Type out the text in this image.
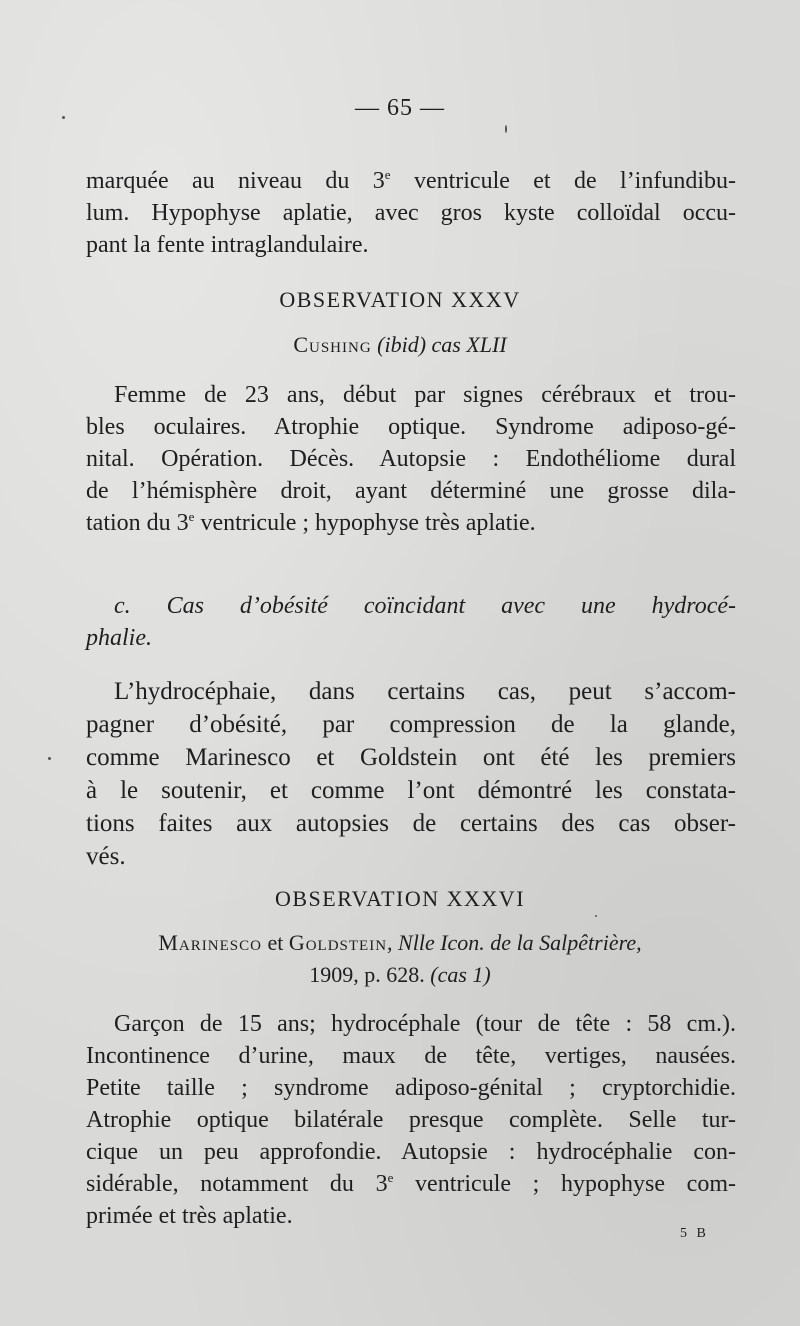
— 65 —
marquée au niveau du 3e ventricule et de l’infundibu-
lum. Hypophyse aplatie, avec gros kyste colloïdal occu-
pant la fente intraglandulaire.
OBSERVATION XXXV
Cushing (ibid) cas XLII
Femme de 23 ans, début par signes cérébraux et trou-
bles oculaires. Atrophie optique. Syndrome adiposo-gé-
nital. Opération. Décès. Autopsie : Endothéliome dural
de l’hémisphère droit, ayant déterminé une grosse dila-
tation du 3e ventricule ; hypophyse très aplatie.
c. Cas d’obésité coïncidant avec une hydrocé-
phalie.
L’hydrocéphaie, dans certains cas, peut s’accom-
pagner d’obésité, par compression de la glande,
comme Marinesco et Goldstein ont été les premiers
à le soutenir, et comme l’ont démontré les constata-
tions faites aux autopsies de certains des cas obser-
vés.
OBSERVATION XXXVI
Marinesco et Goldstein, Nlle Icon. de la Salpêtrière,
1909, p. 628. (cas 1)
Garçon de 15 ans; hydrocéphale (tour de tête : 58 cm.).
Incontinence d’urine, maux de tête, vertiges, nausées.
Petite taille ; syndrome adiposo-génital ; cryptorchidie.
Atrophie optique bilatérale presque complète. Selle tur-
cique un peu approfondie. Autopsie : hydrocéphalie con-
sidérable, notamment du 3e ventricule ; hypophyse com-
primée et très aplatie.
5 B
